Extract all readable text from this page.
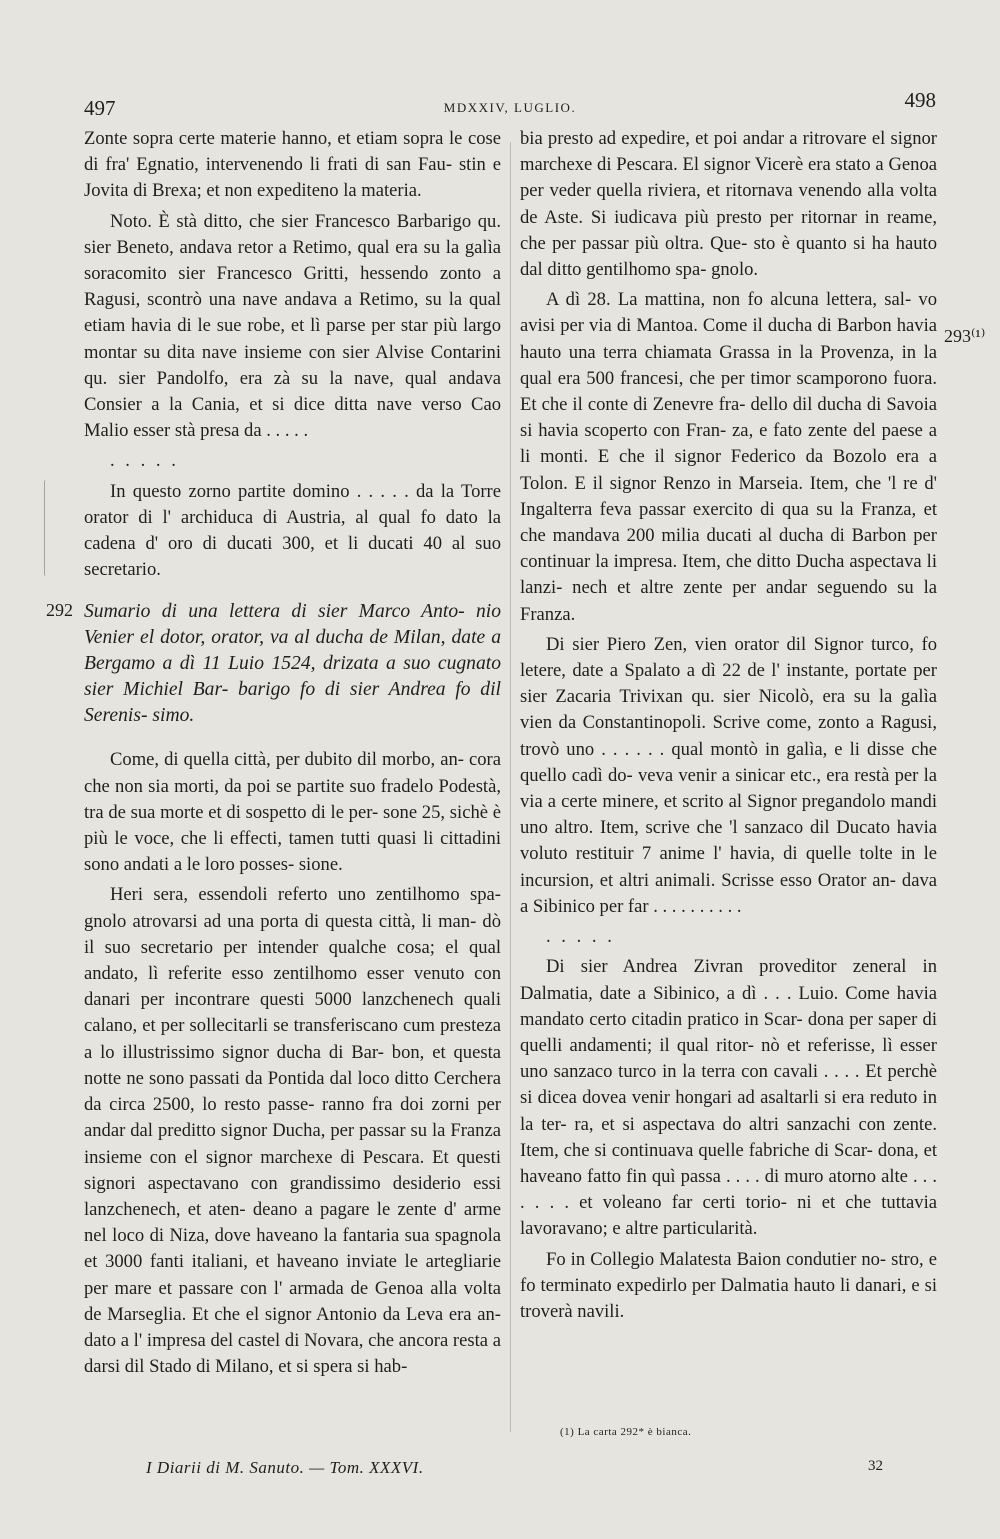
497	MDXXIV, LUGLIO.	498
292
293⁽¹⁾

Zonte sopra certe materie hanno, et etiam sopra le cose di fra' Egnatio, intervenendo li frati di san Fau- stin e Jovita di Brexa; et non expediteno la materia.

Noto. È stà ditto, che sier Francesco Barbarigo qu. sier Beneto, andava retor a Retimo, qual era su la galìa soracomito sier Francesco Gritti, hessendo zonto a Ragusi, scontrò una nave andava a Retimo, su la qual etiam havia di le sue robe, et lì parse per star più largo montar su dita nave insieme con sier Alvise Contarini qu. sier Pandolfo, era zà su la nave, qual andava Consier a la Cania, et si dice ditta nave verso Cao Malio esser stà presa da . . . . .

. . . . .

In questo zorno partite domino . . . . . da la Torre orator di l' archiduca di Austria, al qual fo dato la cadena d' oro di ducati 300, et li ducati 40 al suo secretario.

Sumario di una lettera di sier Marco Anto- nio Venier el dotor, orator, va al ducha de Milan, date a Bergamo a dì 11 Luio 1524, drizata a suo cugnato sier Michiel Bar- barigo fo di sier Andrea fo dil Serenis- simo.

Come, di quella città, per dubito dil morbo, an- cora che non sia morti, da poi se partite suo fradelo Podestà, tra de sua morte et di sospetto di le per- sone 25, sichè è più le voce, che li effecti, tamen tutti quasi li cittadini sono andati a le loro posses- sione.

Heri sera, essendoli referto uno zentilhomo spa- gnolo atrovarsi ad una porta di questa città, li man- dò il suo secretario per intender qualche cosa; el qual andato, lì referite esso zentilhomo esser venuto con danari per incontrare questi 5000 lanzchenech quali calano, et per sollecitarli se transferiscano cum presteza a lo illustrissimo signor ducha di Bar- bon, et questa notte ne sono passati da Pontida dal loco ditto Cerchera da circa 2500, lo resto passe- ranno fra doi zorni per andar dal preditto signor Ducha, per passar su la Franza insieme con el signor marchexe di Pescara. Et questi signori aspectavano con grandissimo desiderio essi lanzchenech, et aten- deano a pagare le zente d' arme nel loco di Niza, dove haveano la fantaria sua spagnola et 3000 fanti italiani, et haveano inviate le artegliarie per mare et passare con l' armada de Genoa alla volta de Marseglia. Et che el signor Antonio da Leva era an- dato a l' impresa del castel di Novara, che ancora resta a darsi dil Stado di Milano, et si spera si hab-

bia presto ad expedire, et poi andar a ritrovare el signor marchexe di Pescara. El signor Vicerè era stato a Genoa per veder quella riviera, et ritornava venendo alla volta de Aste. Si iudicava più presto per ritornar in reame, che per passar più oltra. Que- sto è quanto si ha hauto dal ditto gentilhomo spa- gnolo.

A dì 28. La mattina, non fo alcuna lettera, sal- vo avisi per via di Mantoa. Come il ducha di Barbon havia hauto una terra chiamata Grassa in la Provenza, in la qual era 500 francesi, che per timor scamporono fuora. Et che il conte di Zenevre fra- dello dil ducha di Savoia si havia scoperto con Fran- za, e fato zente del paese a li monti. E che il signor Federico da Bozolo era a Tolon. E il signor Renzo in Marseia. Item, che 'l re d' Ingalterra feva passar exercito di qua su la Franza, et che mandava 200 milia ducati al ducha di Barbon per continuar la impresa. Item, che ditto Ducha aspectava li lanzi- nech et altre zente per andar seguendo su la Franza.

Di sier Piero Zen, vien orator dil Signor turco, fo letere, date a Spalato a dì 22 de l' instante, portate per sier Zacaria Trivixan qu. sier Nicolò, era su la galìa vien da Constantinopoli. Scrive come, zonto a Ragusi, trovò uno . . . . . . qual montò in galìa, e li disse che quello cadì do- veva venir a sinicar etc., era restà per la via a certe minere, et scrito al Signor pregandolo mandi uno altro. Item, scrive che 'l sanzaco dil Ducato havia voluto restituir 7 anime l' havia, di quelle tolte in le incursion, et altri animali. Scrisse esso Orator an- dava a Sibinico per far . . . . . . . . . .

. . . . .

Di sier Andrea Zivran proveditor zeneral in Dalmatia, date a Sibinico, a dì . . . Luio. Come havia mandato certo citadin pratico in Scar- dona per saper di quelli andamenti; il qual ritor- nò et referisse, lì esser uno sanzaco turco in la terra con cavali . . . . Et perchè si dicea dovea venir hongari ad asaltarli si era reduto in la ter- ra, et si aspectava do altri sanzachi con zente. Item, che si continuava quelle fabriche di Scar- dona, et haveano fatto fin quì passa . . . . di muro atorno alte . . . . . . . et voleano far certi torio- ni et che tuttavia lavoravano; e altre particularità.

Fo in Collegio Malatesta Baion condutier no- stro, e fo terminato expedirlo per Dalmatia hauto li danari, e si troverà navili.

(1) La carta 292* è bianca.
I Diarii di M. Sanuto. — Tom. XXXVI.	32
